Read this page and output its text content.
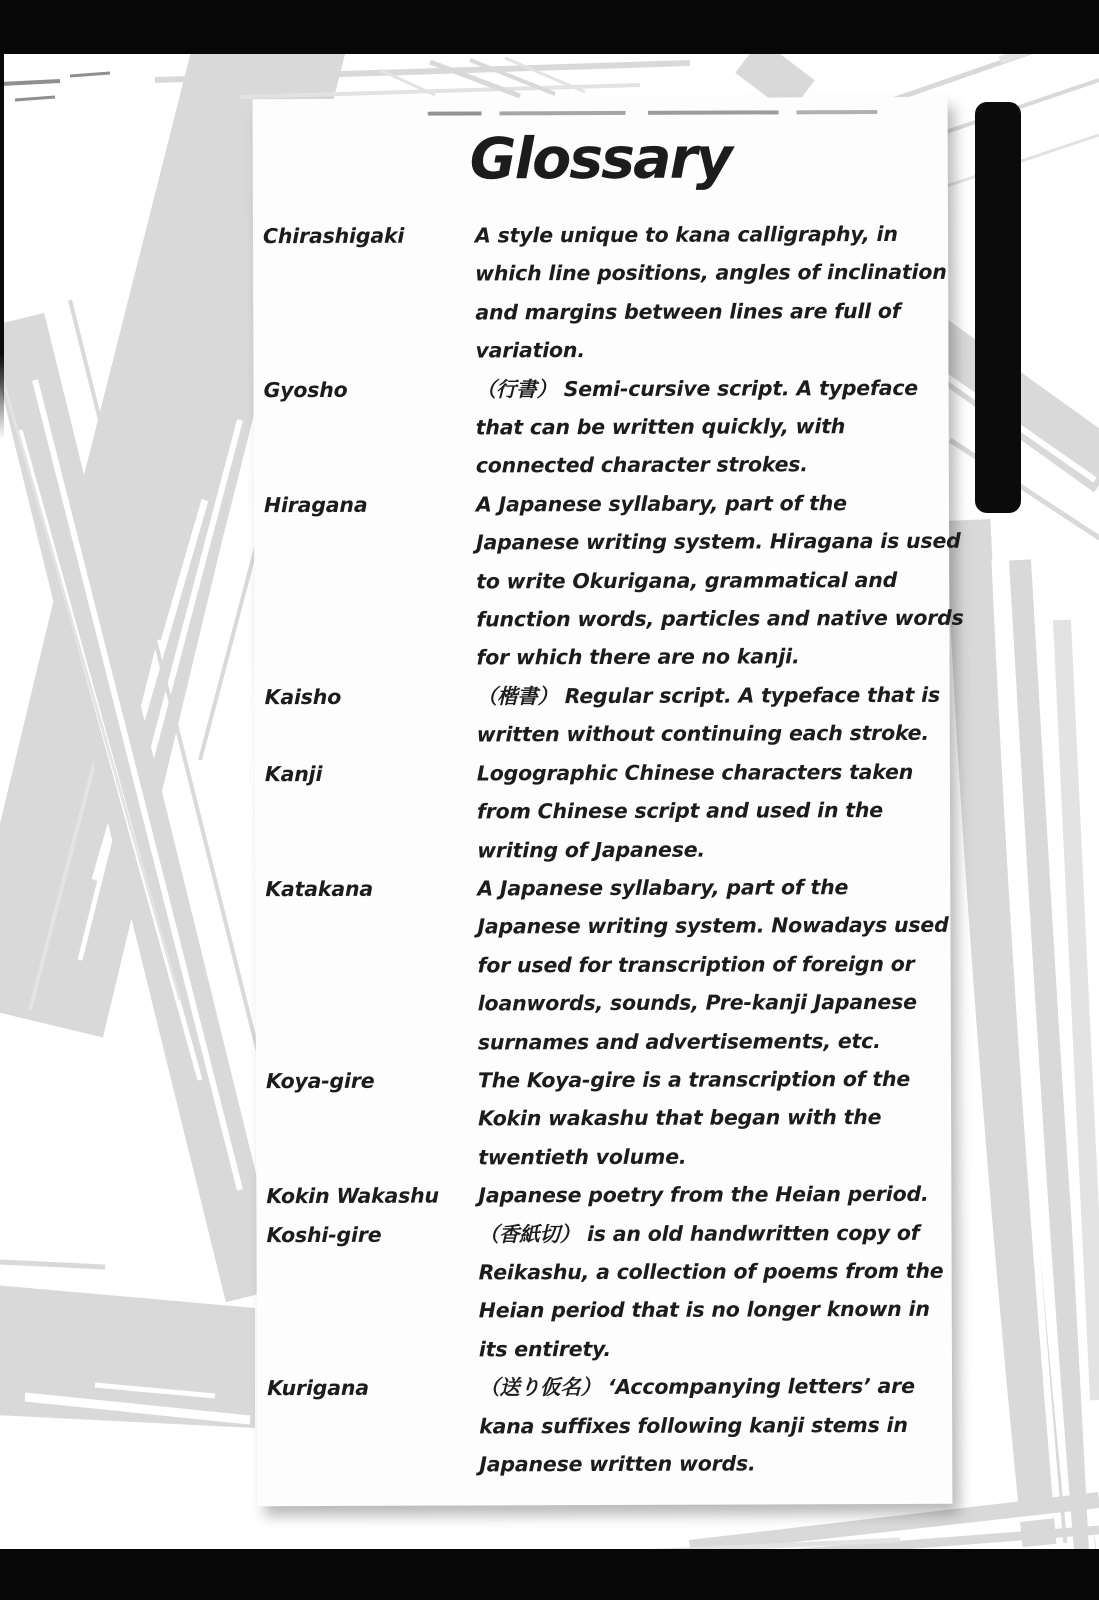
Glossary
Chirashigaki	A style unique to kana calligraphy, in
which line positions, angles of inclination
and margins between lines are full of
variation.
Gyosho	（行書） Semi-cursive script. A typeface
that can be written quickly, with
connected character strokes.
Hiragana	A Japanese syllabary, part of the
Japanese writing system. Hiragana is used
to write Okurigana, grammatical and
function words, particles and native words
for which there are no kanji.
Kaisho	（楷書） Regular script. A typeface that is
written without continuing each stroke.
Kanji	Logographic Chinese characters taken
from Chinese script and used in the
writing of Japanese.
Katakana	A Japanese syllabary, part of the
Japanese writing system. Nowadays used
for used for transcription of foreign or
loanwords, sounds, Pre-kanji Japanese
surnames and advertisements, etc.
Koya-gire	The Koya-gire is a transcription of the
Kokin wakashu that began with the
twentieth volume.
Kokin Wakashu	Japanese poetry from the Heian period.
Koshi-gire	（香紙切） is an old handwritten copy of
Reikashu, a collection of poems from the
Heian period that is no longer known in
its entirety.
Kurigana	（送り仮名） ‘Accompanying letters’ are
kana suffixes following kanji stems in
Japanese written words.
